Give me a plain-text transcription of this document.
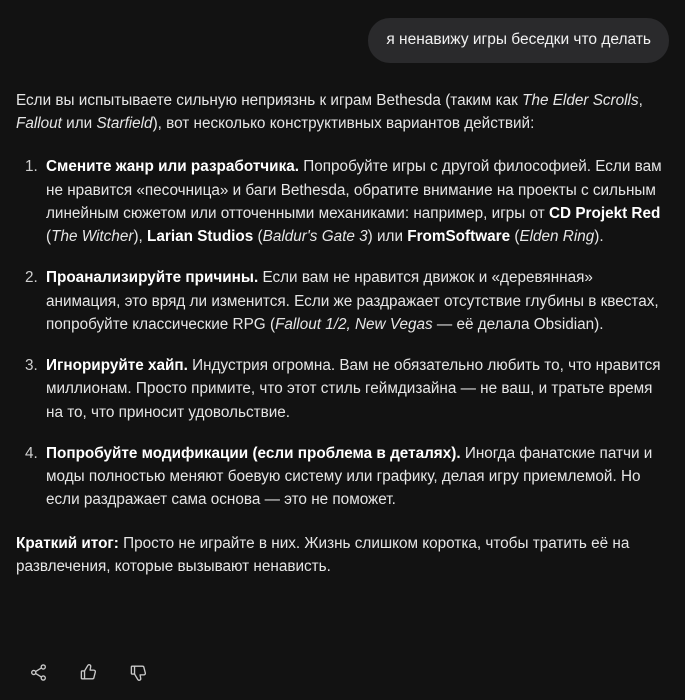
я ненавижу игры беседки что делать

Если вы испытываете сильную неприязнь к играм Bethesda (таким как The Elder Scrolls, Fallout или Starfield), вот несколько конструктивных вариантов действий:

1. Смените жанр или разработчика. Попробуйте игры с другой философией. Если вам не нравится «песочница» и баги Bethesda, обратите внимание на проекты с сильным линейным сюжетом или отточенными механиками: например, игры от CD Projekt Red (The Witcher), Larian Studios (Baldur's Gate 3) или FromSoftware (Elden Ring).
2. Проанализируйте причины. Если вам не нравится движок и «деревянная» анимация, это вряд ли изменится. Если же раздражает отсутствие глубины в квестах, попробуйте классические RPG (Fallout 1/2, New Vegas — её делала Obsidian).
3. Игнорируйте хайп. Индустрия огромна. Вам не обязательно любить то, что нравится миллионам. Просто примите, что этот стиль геймдизайна — не ваш, и тратьте время на то, что приносит удовольствие.
4. Попробуйте модификации (если проблема в деталях). Иногда фанатские патчи и моды полностью меняют боевую систему или графику, делая игру приемлемой. Но если раздражает сама основа — это не поможет.

Краткий итог: Просто не играйте в них. Жизнь слишком коротка, чтобы тратить её на развлечения, которые вызывают ненависть.
